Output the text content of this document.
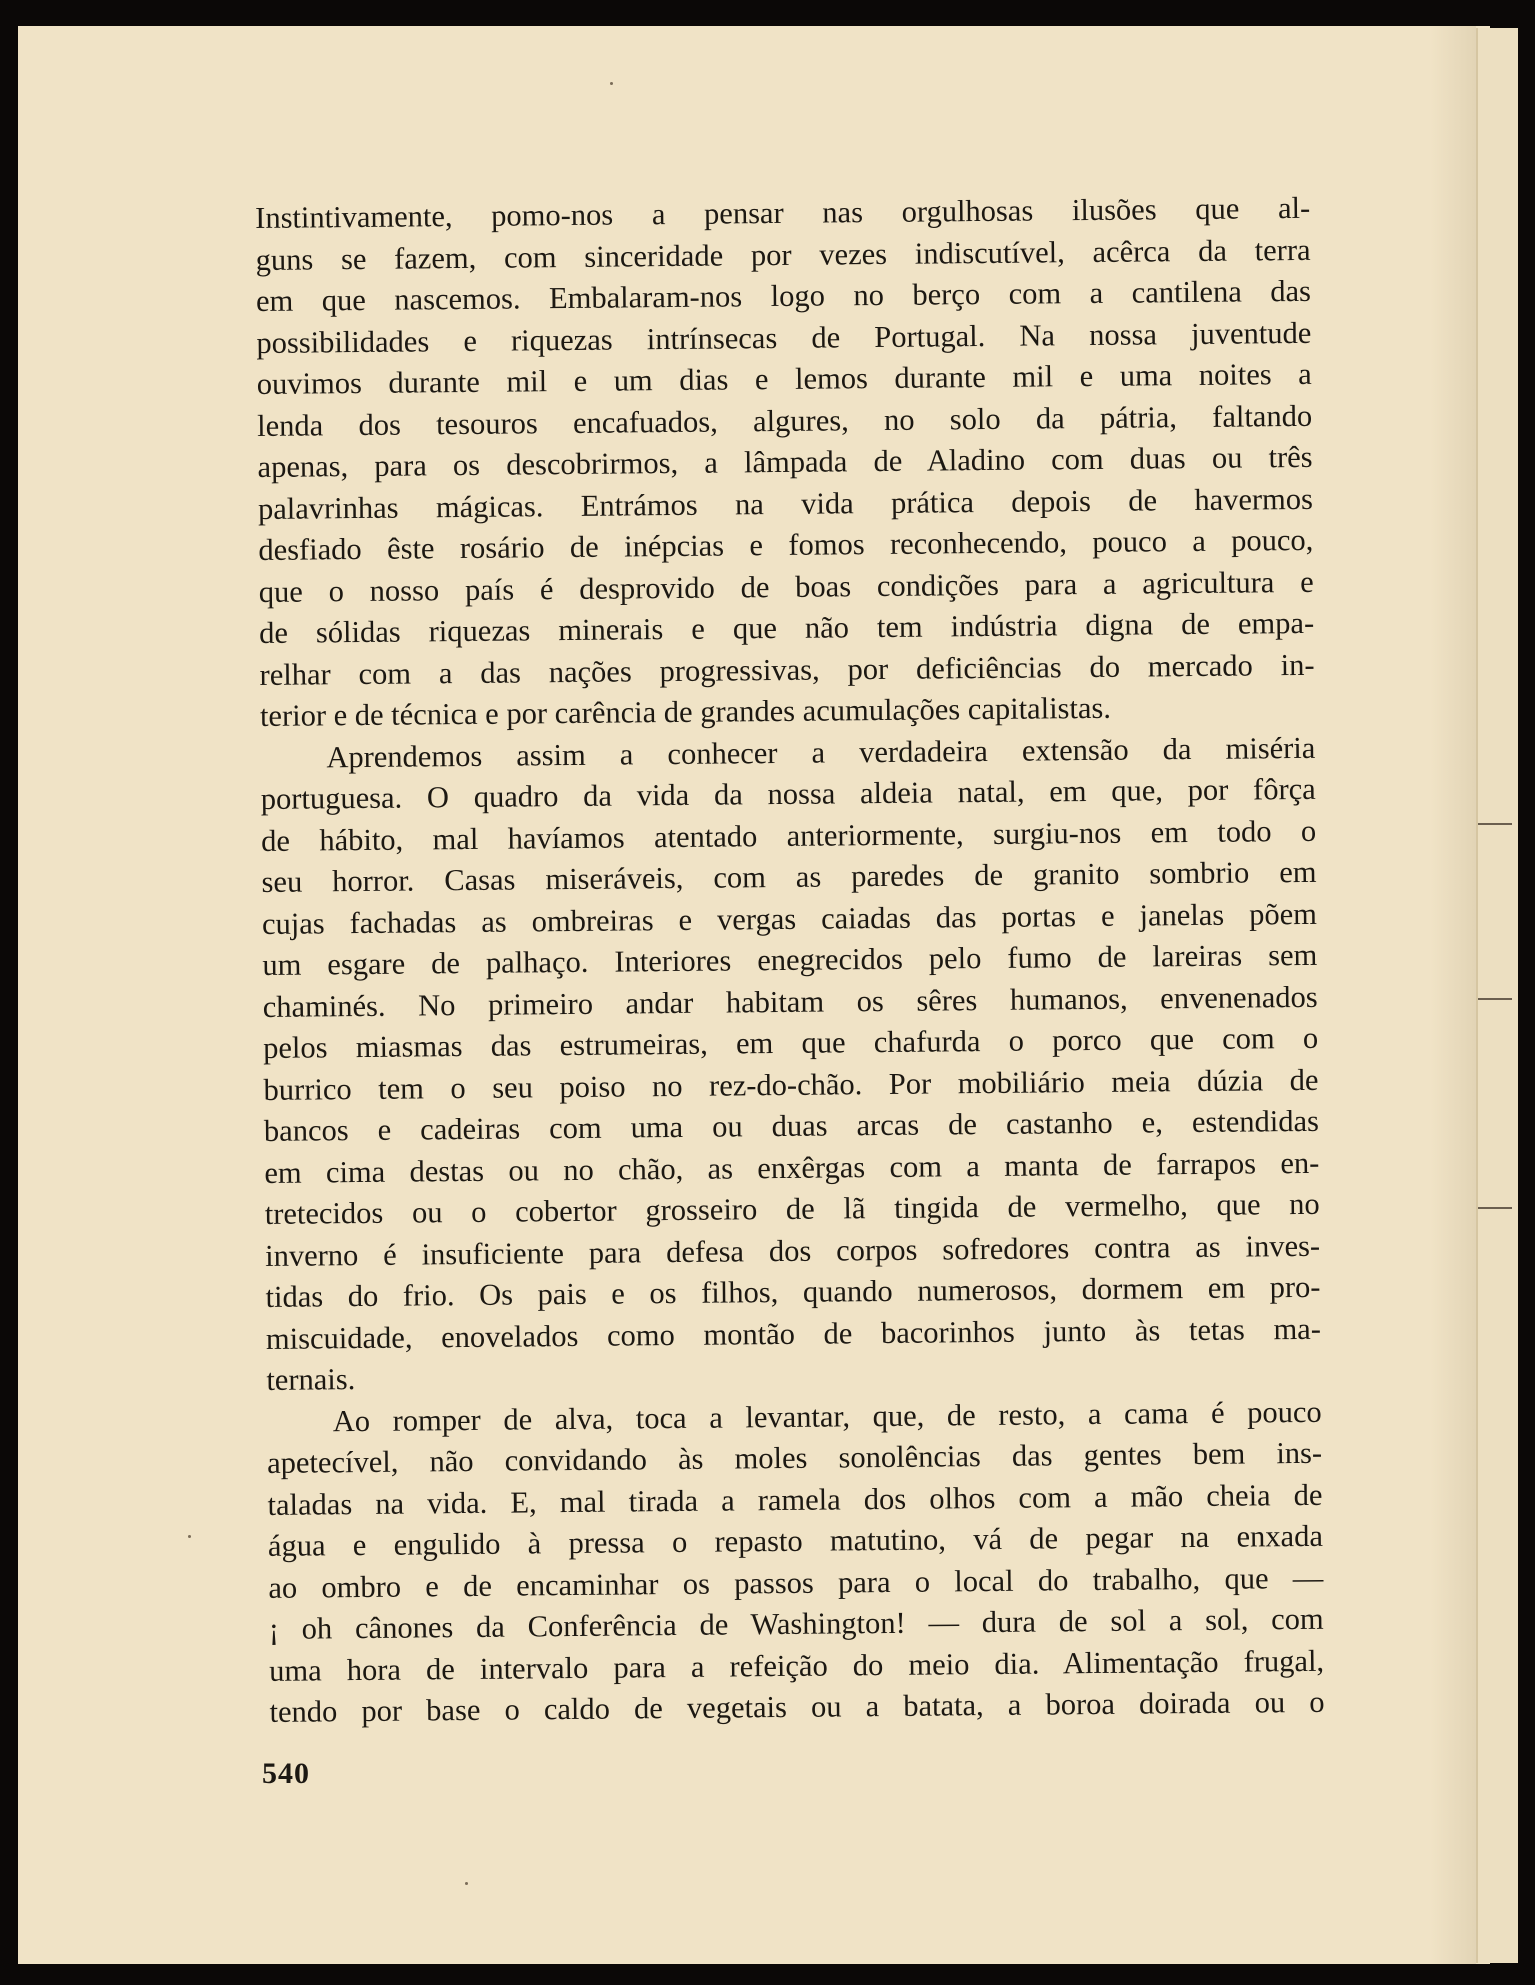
Instintivamente, pomo-nos a pensar nas orgulhosas ilusões que al-
guns se fazem, com sinceridade por vezes indiscutível, acêrca da terra
em que nascemos. Embalaram-nos logo no berço com a cantilena das
possibilidades e riquezas intrínsecas de Portugal. Na nossa juventude
ouvimos durante mil e um dias e lemos durante mil e uma noites a
lenda dos tesouros encafuados, algures, no solo da pátria, faltando
apenas, para os descobrirmos, a lâmpada de Aladino com duas ou três
palavrinhas mágicas. Entrámos na vida prática depois de havermos
desfiado êste rosário de inépcias e fomos reconhecendo, pouco a pouco,
que o nosso país é desprovido de boas condições para a agricultura e
de sólidas riquezas minerais e que não tem indústria digna de empa-
relhar com a das nações progressivas, por deficiências do mercado in-
terior e de técnica e por carência de grandes acumulações capitalistas.
Aprendemos assim a conhecer a verdadeira extensão da miséria
portuguesa. O quadro da vida da nossa aldeia natal, em que, por fôrça
de hábito, mal havíamos atentado anteriormente, surgiu-nos em todo o
seu horror. Casas miseráveis, com as paredes de granito sombrio em
cujas fachadas as ombreiras e vergas caiadas das portas e janelas põem
um esgare de palhaço. Interiores enegrecidos pelo fumo de lareiras sem
chaminés. No primeiro andar habitam os sêres humanos, envenenados
pelos miasmas das estrumeiras, em que chafurda o porco que com o
burrico tem o seu poiso no rez-do-chão. Por mobiliário meia dúzia de
bancos e cadeiras com uma ou duas arcas de castanho e, estendidas
em cima destas ou no chão, as enxêrgas com a manta de farrapos en-
tretecidos ou o cobertor grosseiro de lã tingida de vermelho, que no
inverno é insuficiente para defesa dos corpos sofredores contra as inves-
tidas do frio. Os pais e os filhos, quando numerosos, dormem em pro-
miscuidade, enovelados como montão de bacorinhos junto às tetas ma-
ternais.
Ao romper de alva, toca a levantar, que, de resto, a cama é pouco
apetecível, não convidando às moles sonolências das gentes bem ins-
taladas na vida. E, mal tirada a ramela dos olhos com a mão cheia de
água e engulido à pressa o repasto matutino, vá de pegar na enxada
ao ombro e de encaminhar os passos para o local do trabalho, que —
¡ oh cânones da Conferência de Washington! — dura de sol a sol, com
uma hora de intervalo para a refeição do meio dia. Alimentação frugal,
tendo por base o caldo de vegetais ou a batata, a boroa doirada ou o
540
